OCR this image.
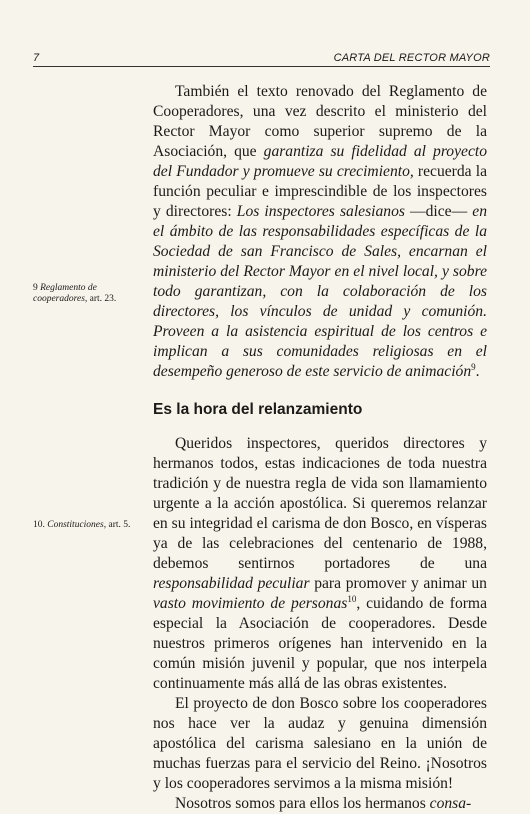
7	CARTA DEL RECTOR MAYOR
9 Reglamento de cooperadores, art. 23.
10. Constituciones, art. 5.

También el texto renovado del Reglamento de Cooperadores, una vez descrito el ministerio del Rector Mayor como superior supremo de la Asociación, que garantiza su fidelidad al proyecto del Fundador y promueve su crecimiento, recuerda la función peculiar e imprescindible de los inspectores y directores: Los inspectores salesianos —dice— en el ámbito de las responsabilidades específicas de la Sociedad de san Francisco de Sales, encarnan el ministerio del Rector Mayor en el nivel local, y sobre todo garantizan, con la colaboración de los directores, los vínculos de unidad y comunión. Proveen a la asistencia espiritual de los centros e implican a sus comunidades religiosas en el desempeño generoso de este servicio de animación$^9$.

Es la hora del relanzamiento

Queridos inspectores, queridos directores y hermanos todos, estas indicaciones de toda nuestra tradición y de nuestra regla de vida son llamamiento urgente a la acción apostólica. Si queremos relanzar en su integridad el carisma de don Bosco, en vísperas ya de las celebraciones del centenario de 1988, debemos sentirnos portadores de una responsabilidad peculiar para promover y animar un vasto movimiento de personas$^{10}$, cuidando de forma especial la Asociación de cooperadores. Desde nuestros primeros orígenes han intervenido en la común misión juvenil y popular, que nos interpela continuamente más allá de las obras existentes.

El proyecto de don Bosco sobre los cooperadores nos hace ver la audaz y genuina dimensión apostólica del carisma salesiano en la unión de muchas fuerzas para el servicio del Reino. ¡Nosotros y los cooperadores servimos a la misma misión!

Nosotros somos para ellos los hermanos consa-
